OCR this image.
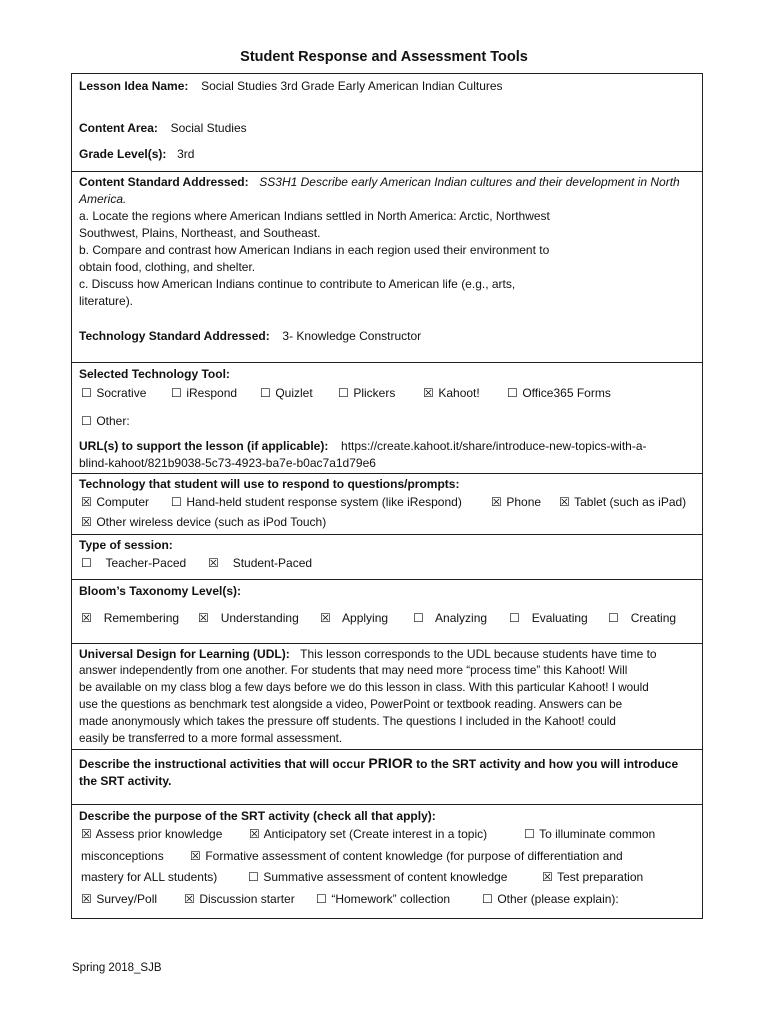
Student Response and Assessment Tools
Lesson Idea Name: Social Studies 3rd Grade Early American Indian Cultures
Content Area: Social Studies
Grade Level(s): 3rd
Content Standard Addressed: SS3H1 Describe early American Indian cultures and their development in North
America.
a. Locate the regions where American Indians settled in North America: Arctic, Northwest
Southwest, Plains, Northeast, and Southeast.
b. Compare and contrast how American Indians in each region used their environment to
obtain food, clothing, and shelter.
c. Discuss how American Indians continue to contribute to American life (e.g., arts,
literature).
Technology Standard Addressed: 3- Knowledge Constructor
Selected Technology Tool:
☐ Socrative ☐ iRespond ☐ Quizlet ☐ Plickers ☒ Kahoot! ☐ Office365 Forms
☐ Other:
URL(s) to support the lesson (if applicable): https://create.kahoot.it/share/introduce-new-topics-with-a-
blind-kahoot/821b9038-5c73-4923-ba7e-b0ac7a1d79e6
Technology that student will use to respond to questions/prompts:
☒ Computer ☐ Hand-held student response system (like iRespond) ☒ Phone ☒ Tablet (such as iPad)
☒ Other wireless device (such as iPod Touch)
Type of session:
☐ Teacher-Paced ☒ Student-Paced
Bloom’s Taxonomy Level(s):
☒ Remembering ☒ Understanding ☒ Applying ☐ Analyzing ☐ Evaluating ☐ Creating
Universal Design for Learning (UDL): This lesson corresponds to the UDL because students have time to
answer independently from one another. For students that may need more “process time” this Kahoot! Will
be available on my class blog a few days before we do this lesson in class. With this particular Kahoot! I would
use the questions as benchmark test alongside a video, PowerPoint or textbook reading. Answers can be
made anonymously which takes the pressure off students. The questions I included in the Kahoot! could
easily be transferred to a more formal assessment.
Describe the instructional activities that will occur PRIOR to the SRT activity and how you will introduce
the SRT activity.
Describe the purpose of the SRT activity (check all that apply):
☒ Assess prior knowledge ☒ Anticipatory set (Create interest in a topic)	☐ To illuminate common
misconceptions ☒ Formative assessment of content knowledge (for purpose of differentiation and
mastery for ALL students)	☐ Summative assessment of content knowledge	☒ Test preparation
☒ Survey/Poll ☒ Discussion starter ☐ “Homework” collection	☐ Other (please explain):
Spring 2018_SJB
